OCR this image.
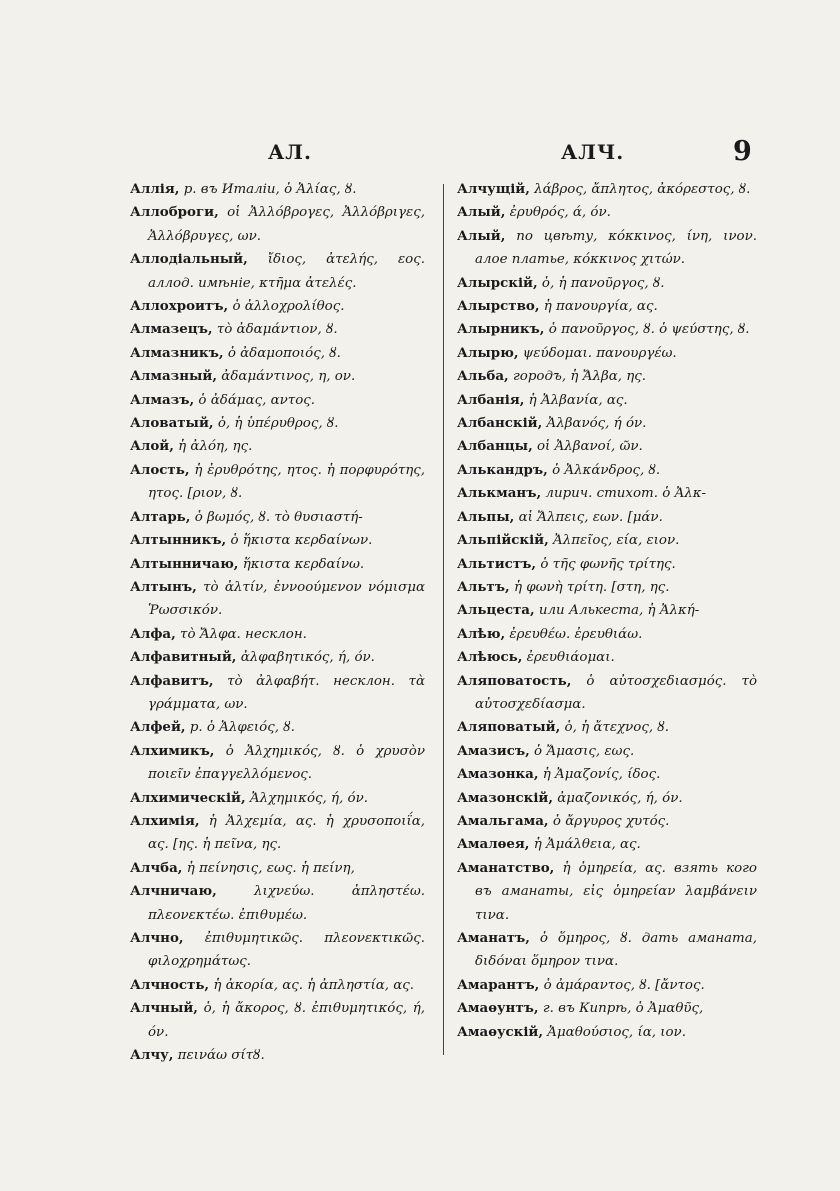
АЛ.	АЛЧ.	9

Аллія, р. въ Италіи, ὁ Ἀλίας, ȣ.

Аллоброги, οἱ Ἀλλόβρογες, Ἀλλόβριγες, Ἀλλόβρυγες, ων.

Аллодіальный, ἴδιος, ἀτελής, εος. аллод. имѣніе, κτῆμα ἀτελές.

Аллохроитъ, ὁ ἀλλοχρολίθος.

Алмазецъ, τὸ ἀδαμάντιον, ȣ.

Алмазникъ, ὁ ἀδαμοποιός, ȣ.

Алмазный, ἀδαμάντινος, η, ον.

Алмазъ, ὁ ἀδάμας, αντος.

Аловатый, ὁ, ἡ ὑπέρυθρος, ȣ.

Алой, ἡ ἀλόη, ης.

Алость, ἡ ἐρυθρότης, ητος. ἡ πορφυρότης, ητος. [ριον, ȣ.

Алтарь, ὁ βωμός, ȣ. τὸ θυσιαστή-

Алтынникъ, ὁ ἥκιστα κερδαίνων.

Алтынничаю, ἥκιστα κερδαίνω.

Алтынъ, τὸ ἀλτίν, ἐννοούμενον νόμισμα Ῥωσσικόν.

Алфа, τὸ Ἄλφα. несклон.

Алфавитный, ἀλφαβητικός, ή, όν.

Алфавитъ, τὸ ἀλφαβήτ. несклон. τὰ γράμματα, ων.

Алфей, р. ὁ Ἀλφειός, ȣ.

Алхимикъ, ὁ Ἀλχημικός, ȣ. ὁ χρυσὸν ποιεῖν ἐπαγγελλόμενος.

Алхимическій, Ἀλχημικός, ή, όν.

Алхимія, ἡ Ἀλχεμία, ας. ἡ χρυσοποιΐα, ας. [ης. ἡ πεῖνα, ης.

Алчба, ἡ πείνησις, εως. ἡ πείνη,

Алчничаю,	λιχνεύω. ἀπληστέω. πλεονεκτέω. ἐπιθυμέω.

Алчно, ἐπιθυμητικῶς. πλεονεκτικῶς. φιλοχρημάτως.

Алчность, ἡ ἀκορία, ας. ἡ ἀπληστία, ας.

Алчный, ὁ, ἡ ἄκορος, ȣ. ἐπιθυμητικός, ή, όν.

Алчу, πεινάω σίτȣ.

Алчущій, λάβρος, ἄπλητος, ἀκόρεστος, ȣ.

Алый, ἐρυθρός, ά, όν.

Алый, по цвѣту, κόκκινος, ίνη, ινον. алое платье, κόκκινος χιτών.

Алырскій, ὁ, ἡ πανοῦργος, ȣ.

Алырство, ἡ πανουργία, ας.

Алырникъ, ὁ πανοῦργος, ȣ. ὁ ψεύστης, ȣ.

Алырю, ψεύδομαι. πανουργέω.

Альба, городъ, ἡ Ἄλβα, ης.

Албанія, ἡ Ἀλβανία, ας.

Албанскій, Ἀλβανός, ή όν.

Албанцы, οἱ Ἀλβανοί, ῶν.

Алькандръ, ὁ Ἀλκάνδρος, ȣ.

Алькманъ, лирич. стихот. ὁ Ἀλκ-

Альпы, αἱ Ἄλπεις, εων. [μάν.

Альпійскій, Ἀλπεῖος, εία, ειον.

Альтистъ, ὁ τῆς φωνῆς τρίτης.

Альтъ, ἡ φωνὴ τρίτη. [στη, ης.

Альцеста, или Алькеста, ἡ Ἀλκή-

Алѣю, ἐρευθέω. ἐρευθιάω.

Алѣюсь, ἐρευθιάομαι.

Аляповатость, ὁ αὐτοσχεδιασμός. τὸ αὐτοσχεδίασμα.

Аляповатый, ὁ, ἡ ἄτεχνος, ȣ.

Амазисъ, ὁ Ἄμασις, εως.

Амазонка, ἡ Ἀμαζονίς, ίδος.

Амазонскій, ἀμαζονικός, ή, όν.

Амальгама, ὁ ἄργυρος χυτός.

Амалѳея, ἡ Ἀμάλθεια, ας.

Аманатство, ἡ ὁμηρεία, ας. взять кого въ аманаты, εἰς ὁμηρείαν λαμβάνειν τινα.

Аманатъ, ὁ ὅμηρος, ȣ. дать аманата, διδόναι ὅμηρον τινα.

Амарантъ, ὁ ἀμάραντος, ȣ. [ἄντος.

Амаѳунтъ, г. въ Кипрѣ, ὁ Ἀμαθῦς,

Амаѳускій, Ἀμαθούσιος, ία, ιον.
